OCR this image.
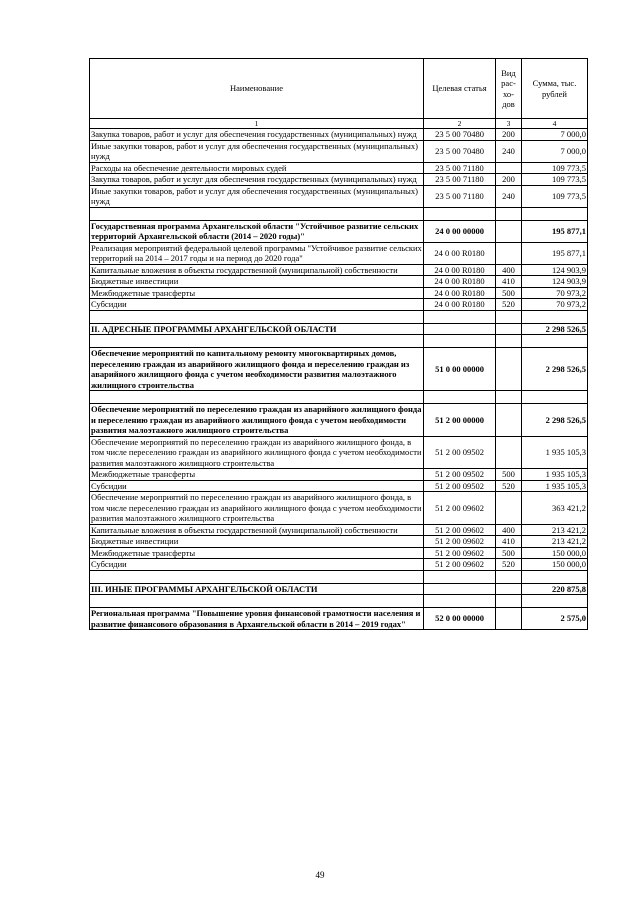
Наименование	Целевая статья	Вид рас-хо-дов	Сумма, тыс. рублей
1	2	3	4
Закупка товаров, работ и услуг для обеспечения государственных (муниципальных) нужд	23 5 00 70480	200	7 000,0
Иные закупки товаров, работ и услуг для обеспечения государственных (муниципальных) нужд	23 5 00 70480	240	7 000,0
Расходы на обеспечение деятельности мировых судей	23 5 00 71180		109 773,5
Закупка товаров, работ и услуг для обеспечения государственных (муниципальных) нужд	23 5 00 71180	200	109 773,5
Иные закупки товаров, работ и услуг для обеспечения государственных (муниципальных) нужд	23 5 00 71180	240	109 773,5

Государственная программа Архангельской области "Устойчивое развитие сельских территорий Архангельской области (2014 – 2020 годы)"	24 0 00 00000		195 877,1
Реализация мероприятий федеральной целевой программы "Устойчивое развитие сельских территорий на 2014 – 2017 годы и на период до 2020 года"	24 0 00 R0180		195 877,1
Капитальные вложения в объекты государственной (муниципальной) собственности	24 0 00 R0180	400	124 903,9
Бюджетные инвестиции	24 0 00 R0180	410	124 903,9
Межбюджетные трансферты	24 0 00 R0180	500	70 973,2
Субсидии	24 0 00 R0180	520	70 973,2

II. АДРЕСНЫЕ ПРОГРАММЫ АРХАНГЕЛЬСКОЙ ОБЛАСТИ			2 298 526,5

Обеспечение мероприятий по капитальному ремонту многоквартирных домов, переселению граждан из аварийного жилищного фонда и переселению граждан из аварийного жилищного фонда с учетом необходимости развития малоэтажного жилищного строительства	51 0 00 00000		2 298 526,5

Обеспечение мероприятий по переселению граждан из аварийного жилищного фонда и переселению граждан из аварийного жилищного фонда с учетом необходимости развития малоэтажного жилищного строительства	51 2 00 00000		2 298 526,5
Обеспечение мероприятий по переселению граждан из аварийного жилищного фонда, в том числе переселению граждан из аварийного жилищного фонда с учетом необходимости развития малоэтажного жилищного строительства	51 2 00 09502		1 935 105,3
Межбюджетные трансферты	51 2 00 09502	500	1 935 105,3
Субсидии	51 2 00 09502	520	1 935 105,3
Обеспечение мероприятий по переселению граждан из аварийного жилищного фонда, в том числе переселению граждан из аварийного жилищного фонда с учетом необходимости развития малоэтажного жилищного строительства	51 2 00 09602		363 421,2
Капитальные вложения в объекты государственной (муниципальной) собственности	51 2 00 09602	400	213 421,2
Бюджетные инвестиции	51 2 00 09602	410	213 421,2
Межбюджетные трансферты	51 2 00 09602	500	150 000,0
Субсидии	51 2 00 09602	520	150 000,0

III. ИНЫЕ ПРОГРАММЫ АРХАНГЕЛЬСКОЙ ОБЛАСТИ			220 875,8

Региональная программа "Повышение уровня финансовой грамотности населения и развитие финансового образования в Архангельской области в 2014 – 2019 годах"	52 0 00 00000		2 575,0
49
